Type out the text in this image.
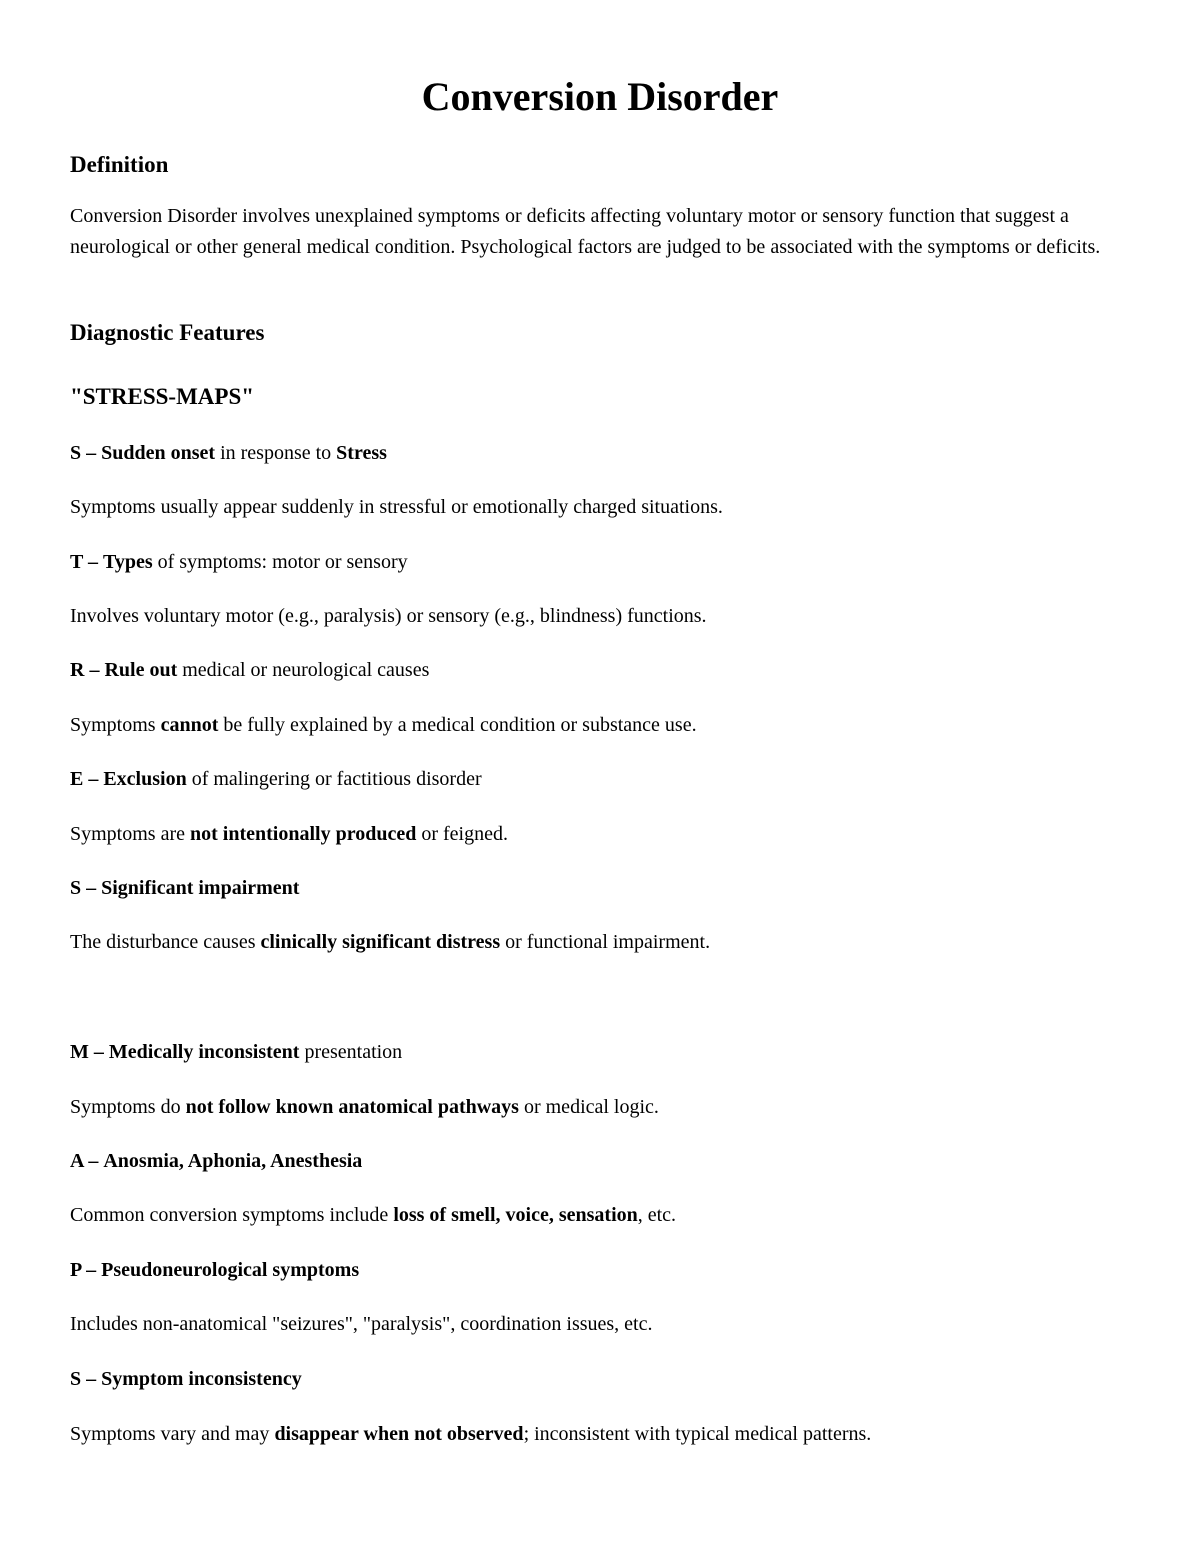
Conversion Disorder
Definition
Conversion Disorder involves unexplained symptoms or deficits affecting voluntary motor or sensory function that suggest a neurological or other general medical condition. Psychological factors are judged to be associated with the symptoms or deficits.
Diagnostic Features
"STRESS-MAPS"
S – Sudden onset in response to Stress
Symptoms usually appear suddenly in stressful or emotionally charged situations.
T – Types of symptoms: motor or sensory
Involves voluntary motor (e.g., paralysis) or sensory (e.g., blindness) functions.
R – Rule out medical or neurological causes
Symptoms cannot be fully explained by a medical condition or substance use.
E – Exclusion of malingering or factitious disorder
Symptoms are not intentionally produced or feigned.
S – Significant impairment
The disturbance causes clinically significant distress or functional impairment.
M – Medically inconsistent presentation
Symptoms do not follow known anatomical pathways or medical logic.
A – Anosmia, Aphonia, Anesthesia
Common conversion symptoms include loss of smell, voice, sensation, etc.
P – Pseudoneurological symptoms
Includes non-anatomical "seizures", "paralysis", coordination issues, etc.
S – Symptom inconsistency
Symptoms vary and may disappear when not observed; inconsistent with typical medical patterns.
